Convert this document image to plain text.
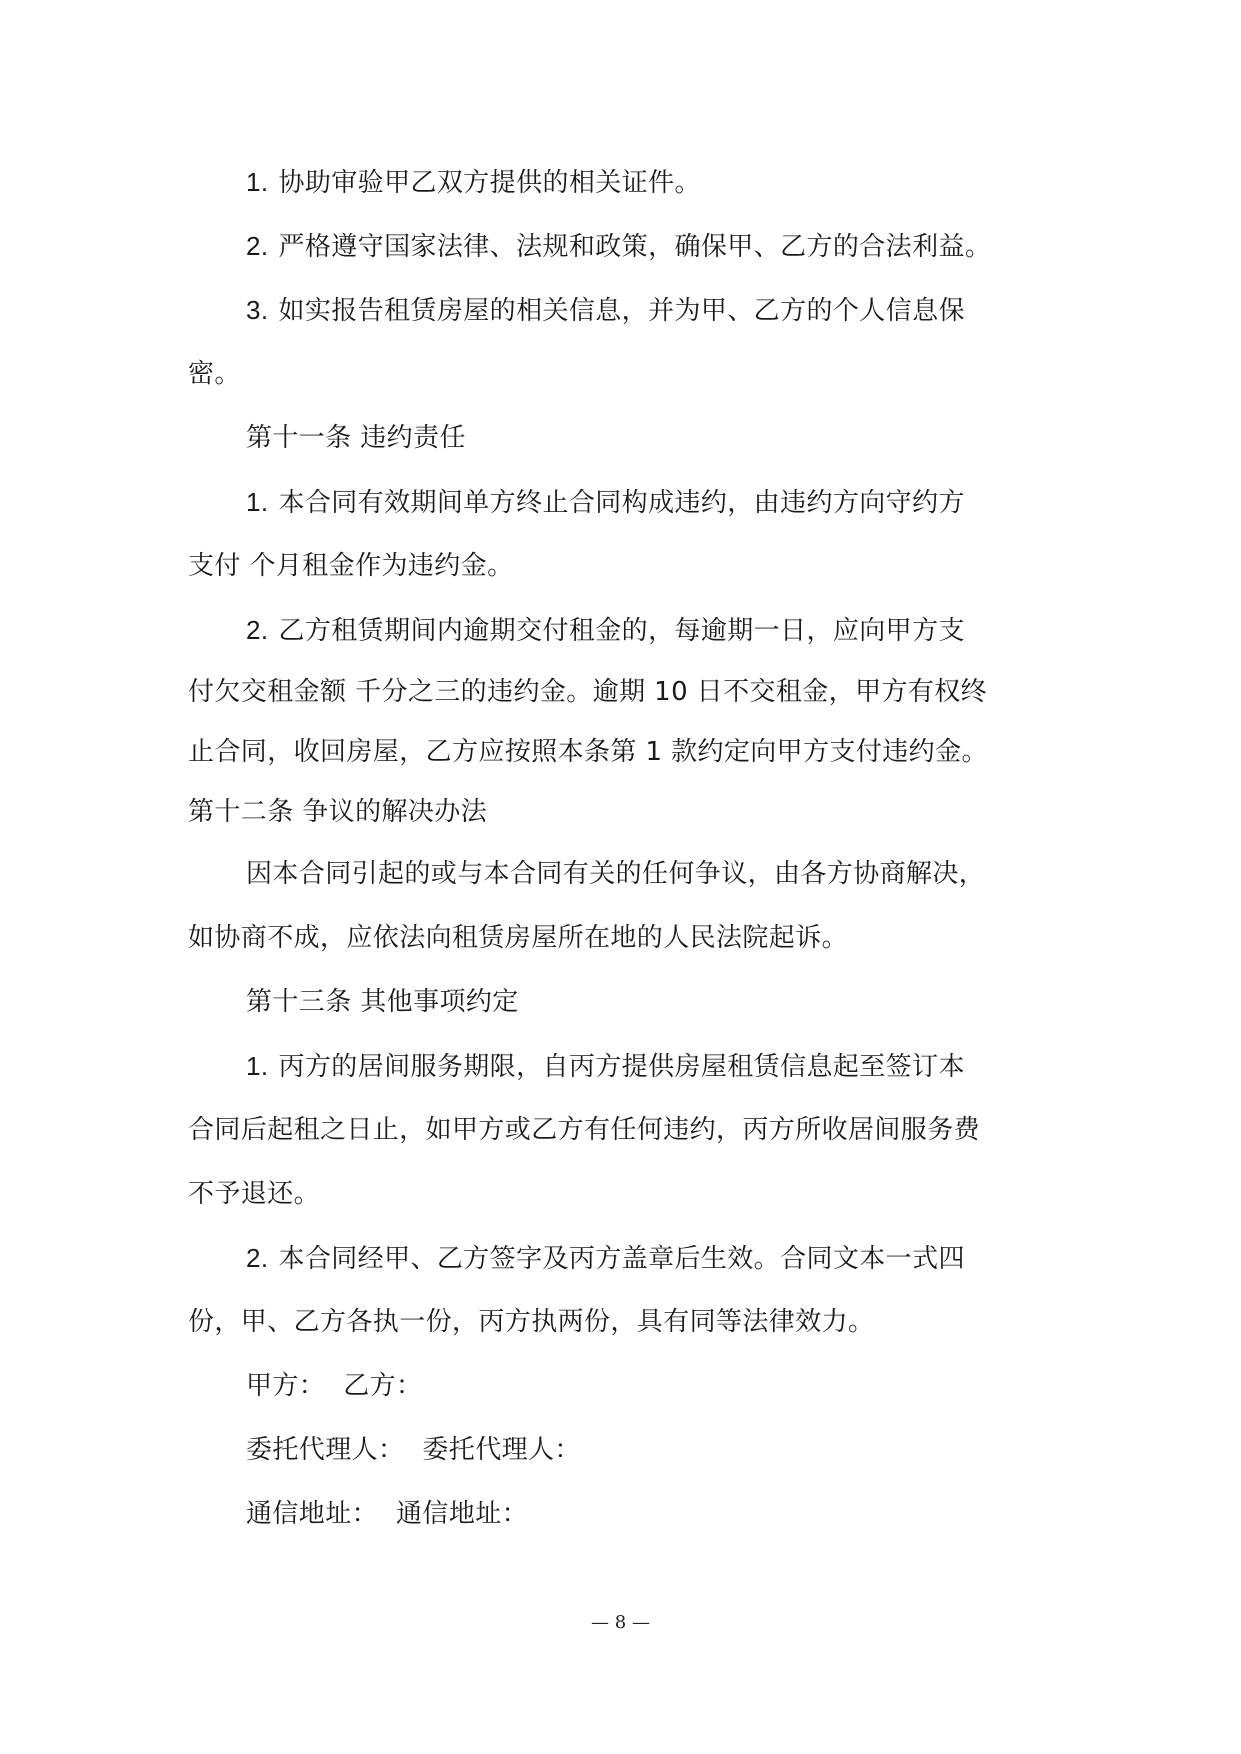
1. 协助审验甲乙双方提供的相关证件。
2. 严格遵守国家法律、法规和政策，确保甲、乙方的合法利益。
3. 如实报告租赁房屋的相关信息，并为甲、乙方的个人信息保
密。
第十一条 违约责任
1. 本合同有效期间单方终止合同构成违约，由违约方向守约方
支付 个月租金作为违约金。
2. 乙方租赁期间内逾期交付租金的，每逾期一日，应向甲方支
付欠交租金额 千分之三的违约金。逾期 10 日不交租金，甲方有权终
止合同，收回房屋，乙方应按照本条第 1 款约定向甲方支付违约金。
第十二条 争议的解决办法
因本合同引起的或与本合同有关的任何争议，由各方协商解决，
如协商不成，应依法向租赁房屋所在地的人民法院起诉。
第十三条 其他事项约定
1. 丙方的居间服务期限，自丙方提供房屋租赁信息起至签订本
合同后起租之日止，如甲方或乙方有任何违约，丙方所收居间服务费
不予退还。
2. 本合同经甲、乙方签字及丙方盖章后生效。合同文本一式四
份，甲、乙方各执一份，丙方执两份，具有同等法律效力。
甲方： 乙方：
委托代理人： 委托代理人：
通信地址： 通信地址：
— 8 —
